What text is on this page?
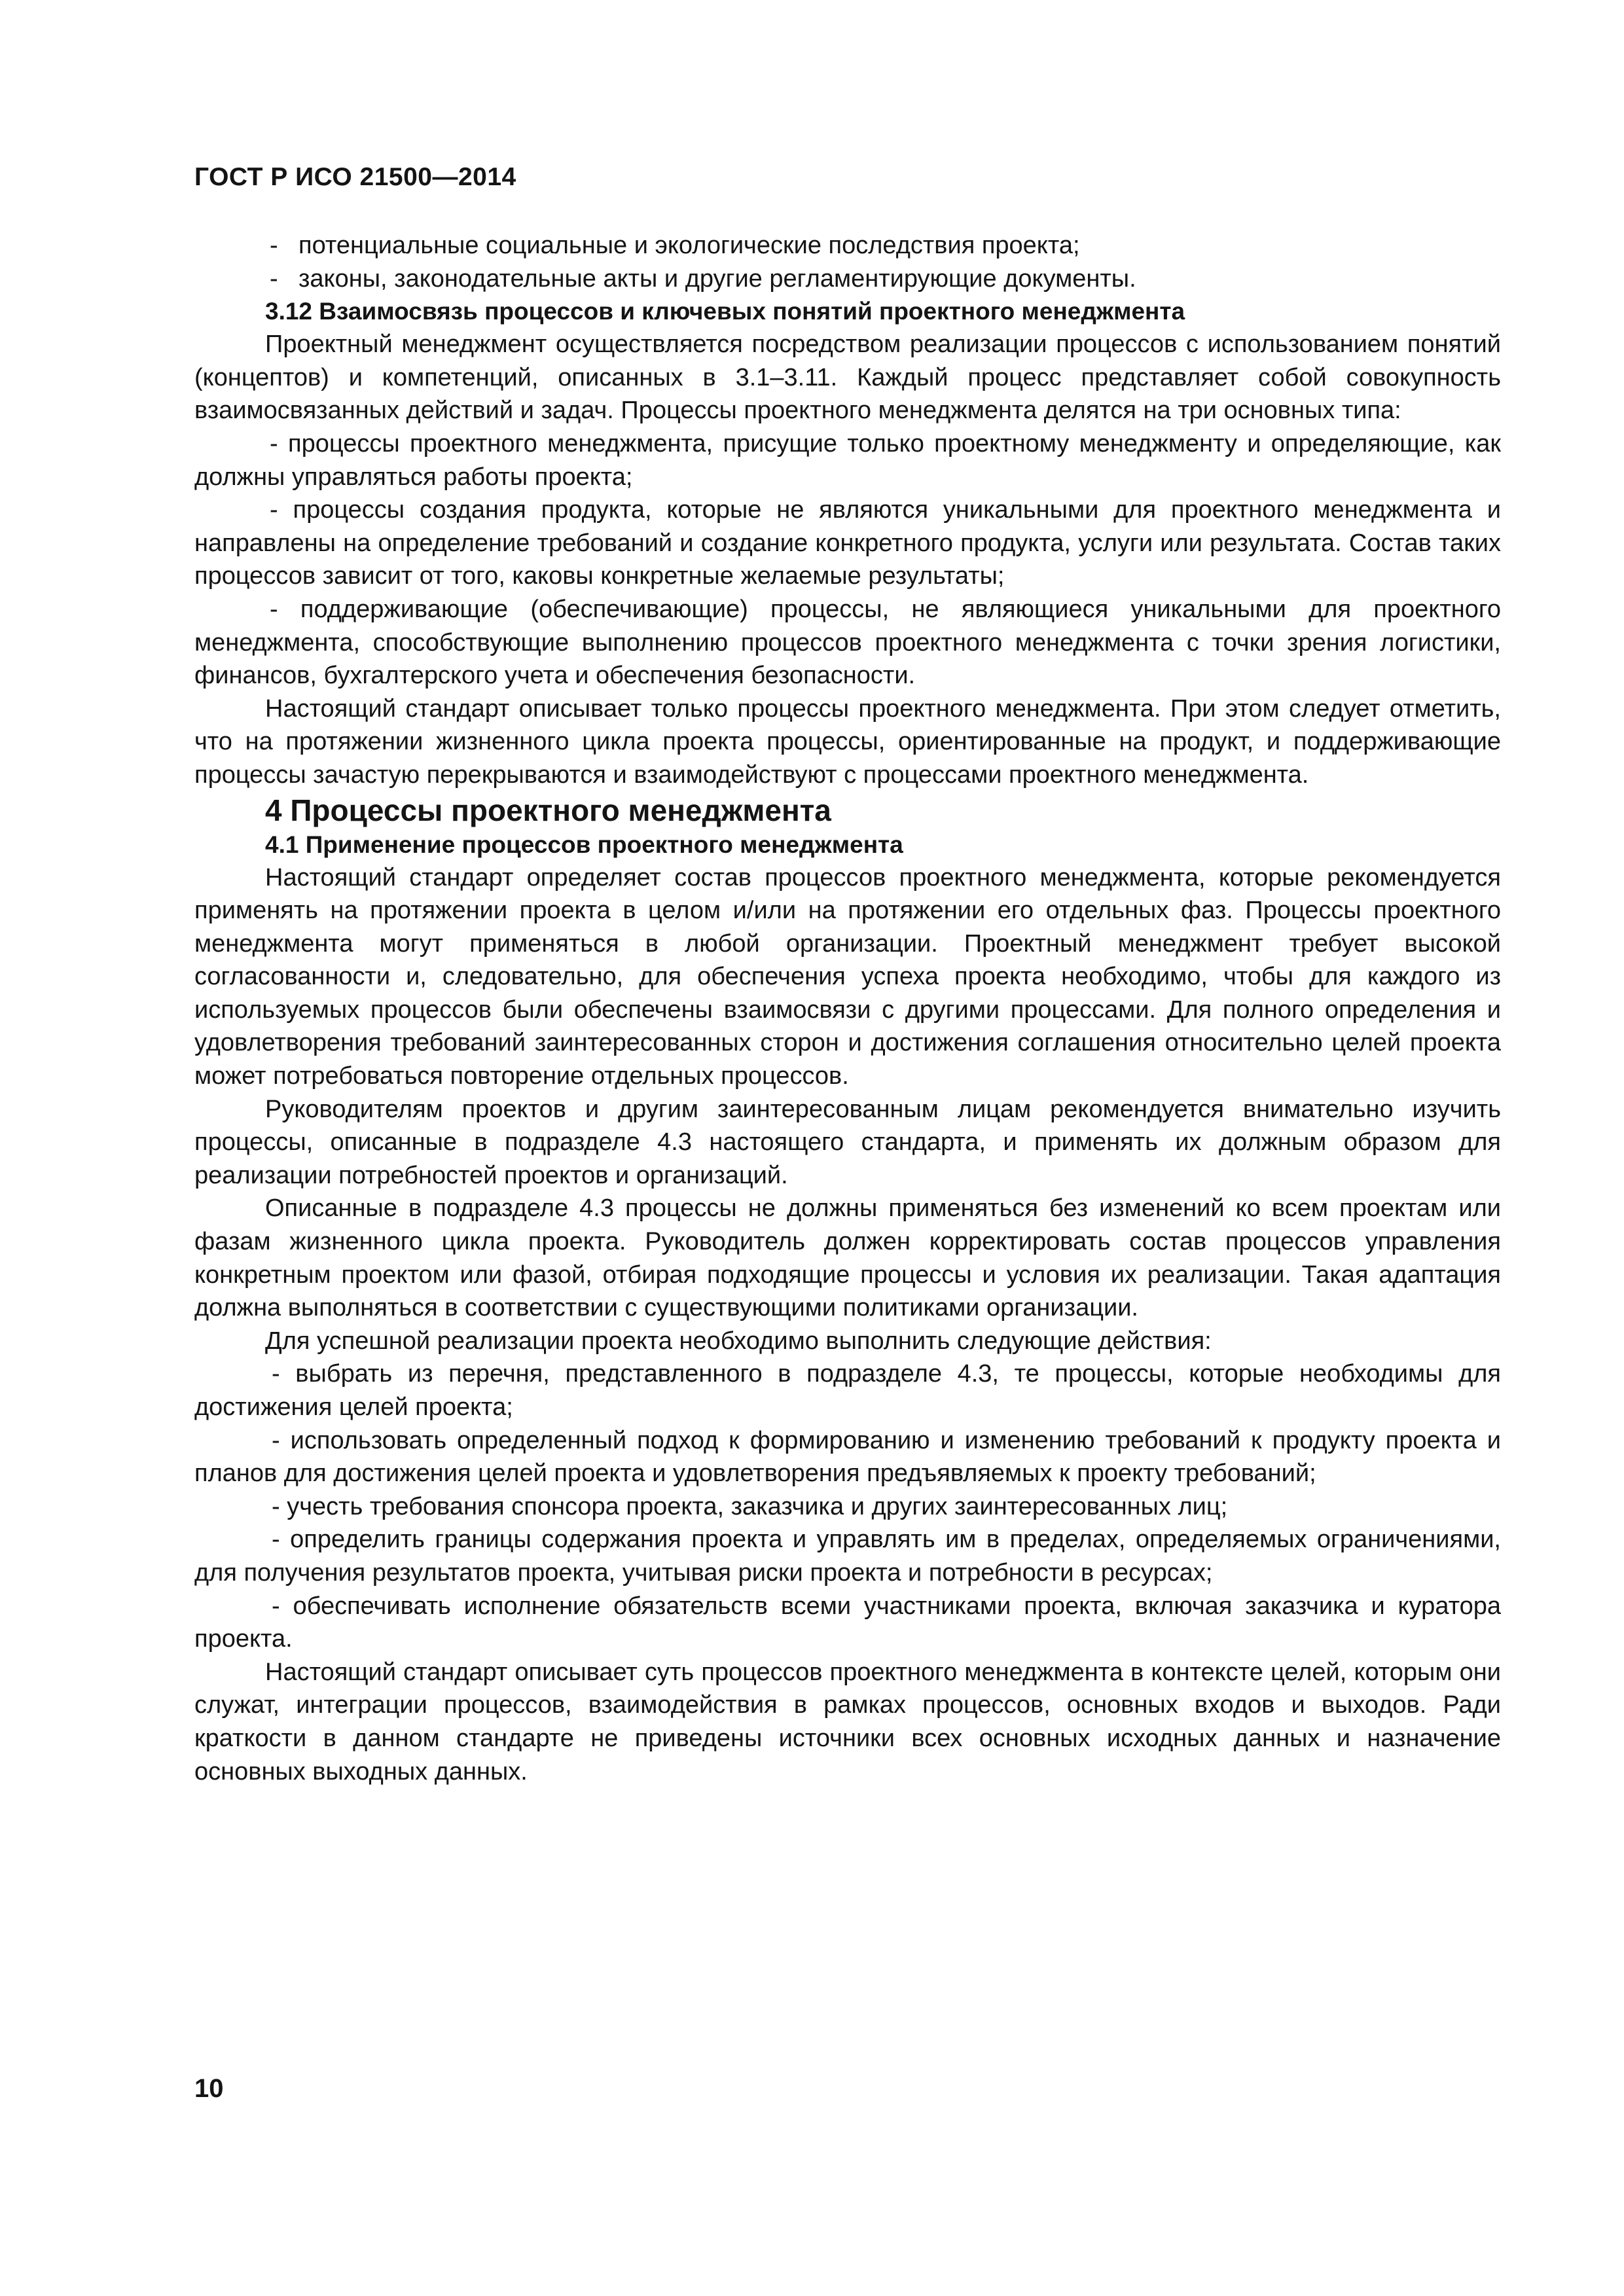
ГОСТ Р ИСО 21500—2014

- потенциальные социальные и экологические последствия проекта;

- законы, законодательные акты и другие регламентирующие документы.

3.12 Взаимосвязь процессов и ключевых понятий проектного менеджмента

Проектный менеджмент осуществляется посредством реализации процессов с использованием понятий (концептов) и компетенций, описанных в 3.1–3.11. Каждый процесс представляет собой совокупность взаимосвязанных действий и задач. Процессы проектного менеджмента делятся на три основных типа:

- процессы проектного менеджмента, присущие только проектному менеджменту и определяющие, как должны управляться работы проекта;

- процессы создания продукта, которые не являются уникальными для проектного менеджмента и направлены на определение требований и создание конкретного продукта, услуги или результата. Состав таких процессов зависит от того, каковы конкретные желаемые результаты;

- поддерживающие (обеспечивающие) процессы, не являющиеся уникальными для проектного менеджмента, способствующие выполнению процессов проектного менеджмента с точки зрения логистики, финансов, бухгалтерского учета и обеспечения безопасности.

Настоящий стандарт описывает только процессы проектного менеджмента. При этом следует отметить, что на протяжении жизненного цикла проекта процессы, ориентированные на продукт, и поддерживающие процессы зачастую перекрываются и взаимодействуют с процессами проектного менеджмента.

4 Процессы проектного менеджмента

4.1 Применение процессов проектного менеджмента

Настоящий стандарт определяет состав процессов проектного менеджмента, которые рекомендуется применять на протяжении проекта в целом и/или на протяжении его отдельных фаз. Процессы проектного менеджмента могут применяться в любой организации. Проектный менеджмент требует высокой согласованности и, следовательно, для обеспечения успеха проекта необходимо, чтобы для каждого из используемых процессов были обеспечены взаимосвязи с другими процессами. Для полного определения и удовлетворения требований заинтересованных сторон и достижения соглашения относительно целей проекта может потребоваться повторение отдельных процессов.

Руководителям проектов и другим заинтересованным лицам рекомендуется внимательно изучить процессы, описанные в подразделе 4.3 настоящего стандарта, и применять их должным образом для реализации потребностей проектов и организаций.

Описанные в подразделе 4.3 процессы не должны применяться без изменений ко всем проектам или фазам жизненного цикла проекта. Руководитель должен корректировать состав процессов управления конкретным проектом или фазой, отбирая подходящие процессы и условия их реализации. Такая адаптация должна выполняться в соответствии с существующими политиками организации.

Для успешной реализации проекта необходимо выполнить следующие действия:

- выбрать из перечня, представленного в подразделе 4.3, те процессы, которые необходимы для достижения целей проекта;

- использовать определенный подход к формированию и изменению требований к продукту проекта и планов для достижения целей проекта и удовлетворения предъявляемых к проекту требований;

- учесть требования спонсора проекта, заказчика и других заинтересованных лиц;

- определить границы содержания проекта и управлять им в пределах, определяемых ограничениями, для получения результатов проекта, учитывая риски проекта и потребности в ресурсах;

- обеспечивать исполнение обязательств всеми участниками проекта, включая заказчика и куратора проекта.

Настоящий стандарт описывает суть процессов проектного менеджмента в контексте целей, которым они служат, интеграции процессов, взаимодействия в рамках процессов, основных входов и выходов. Ради краткости в данном стандарте не приведены источники всех основных исходных данных и назначение основных выходных данных.

10
